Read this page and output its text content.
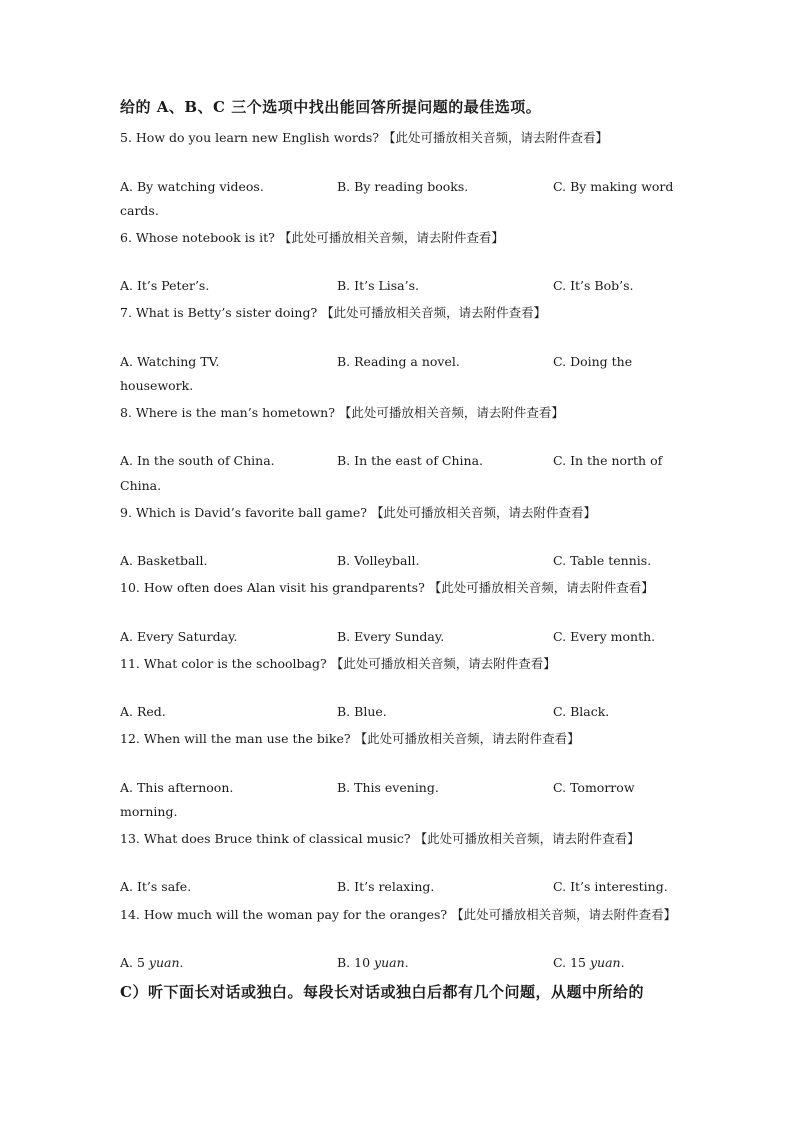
给的 A、B、C 三个选项中找出能回答所提问题的最佳选项。
5. How do you learn new English words? 【此处可播放相关音频，请去附件查看】
A. By watching videos.	B. By reading books.	C. By making word
cards.
6. Whose notebook is it? 【此处可播放相关音频，请去附件查看】
A. It’s Peter’s.	B. It’s Lisa’s.	C. It’s Bob’s.
7. What is Betty’s sister doing? 【此处可播放相关音频，请去附件查看】
A. Watching TV.	B. Reading a novel.	C. Doing the
housework.
8. Where is the man’s hometown? 【此处可播放相关音频，请去附件查看】
A. In the south of China.	B. In the east of China.	C. In the north of
China.
9. Which is David’s favorite ball game? 【此处可播放相关音频，请去附件查看】
A. Basketball.	B. Volleyball.	C. Table tennis.
10. How often does Alan visit his grandparents? 【此处可播放相关音频，请去附件查看】
A. Every Saturday.	B. Every Sunday.	C. Every month.
11. What color is the schoolbag? 【此处可播放相关音频，请去附件查看】
A. Red.	B. Blue.	C. Black.
12. When will the man use the bike? 【此处可播放相关音频，请去附件查看】
A. This afternoon.	B. This evening.	C. Tomorrow
morning.
13. What does Bruce think of classical music? 【此处可播放相关音频，请去附件查看】
A. It’s safe.	B. It’s relaxing.	C. It’s interesting.
14. How much will the woman pay for the oranges? 【此处可播放相关音频，请去附件查看】
A. 5 yuan.	B. 10 yuan.	C. 15 yuan.
C）听下面长对话或独白。每段长对话或独白后都有几个问题，从题中所给的
